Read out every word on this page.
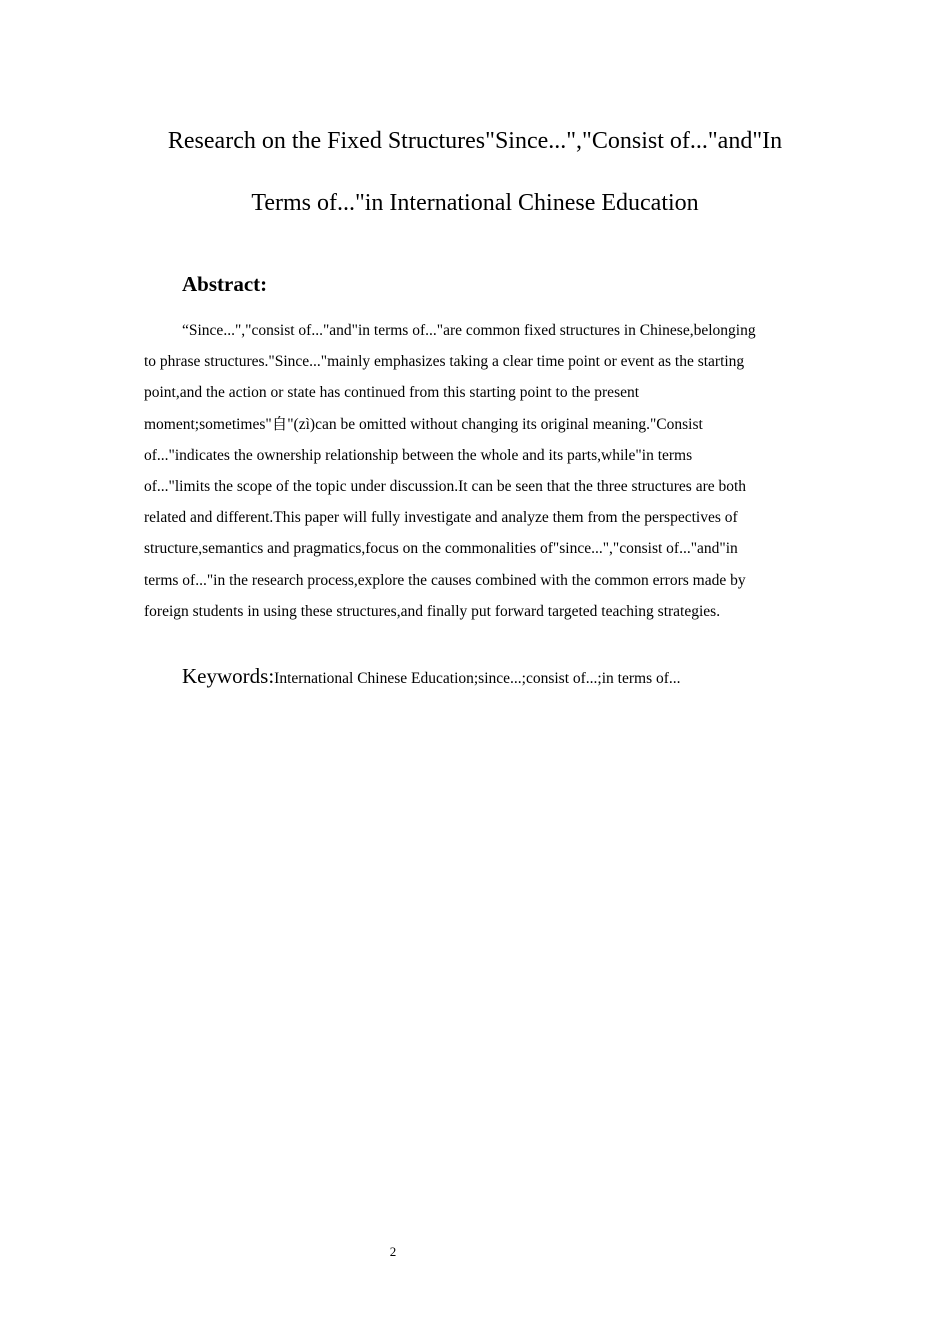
Research on the Fixed Structures"Since...","Consist of..."and"In
Terms of..."in International Chinese Education
Abstract:

“Since...","consist of..."and"in terms of..."are common fixed structures in Chinese,belonging
to phrase structures."Since..."mainly emphasizes taking a clear time point or event as the starting
point,and the action or state has continued from this starting point to the present
moment;sometimes"自"(zì)can be omitted without changing its original meaning."Consist
of..."indicates the ownership relationship between the whole and its parts,while"in terms
of..."limits the scope of the topic under discussion.It can be seen that the three structures are both
related and different.This paper will fully investigate and analyze them from the perspectives of
structure,semantics and pragmatics,focus on the commonalities of"since...","consist of..."and"in
terms of..."in the research process,explore the causes combined with the common errors made by
foreign students in using these structures,and finally put forward targeted teaching strategies.

Keywords:International Chinese Education;since...;consist of...;in terms of...

2
